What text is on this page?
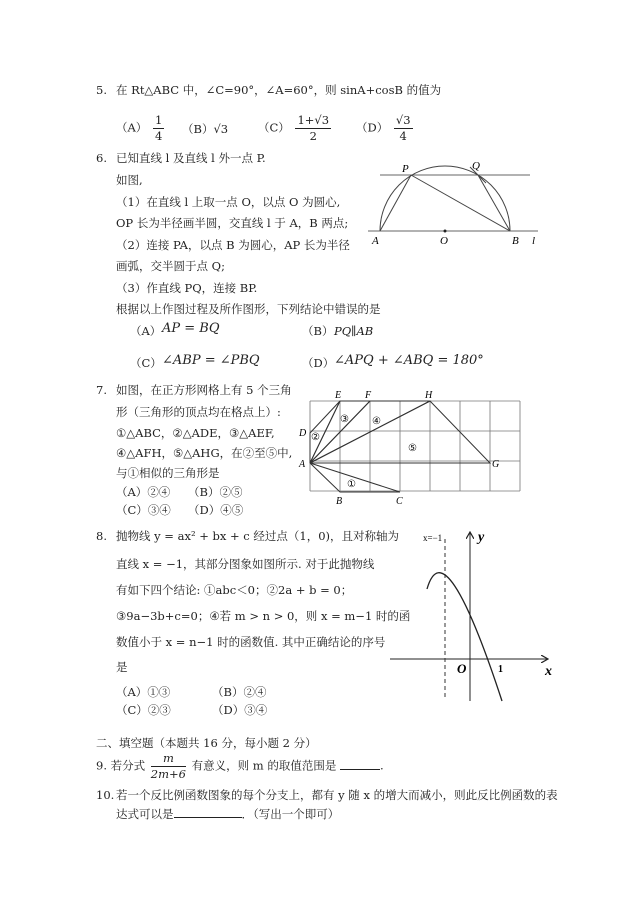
5. 在 Rt△ABC 中，∠C=90°，∠A=60°，则 sinA+cosB 的值为
$(A) \frac{1}{4} (B)√3$	$(C) \frac{1+√3}{2} (D) \frac{√3}{4}$
6. 已知直线 l 及直线 l 外一点 P.
如图,
（1）在直线 l 上取一点 O，以点 O 为圆心,
OP 长为半径画半圆，交直线 l 于 A，B 两点;
（2）连接 PA，以点 B 为圆心，AP 长为半径
画弧，交半圆于点 Q;
（3）作直线 PQ，连接 BP.
根据以上作图过程及所作图形，下列结论中错误的是
（A） AP = BQ	（B） PQ∥AB
（C） ∠ABP = ∠PBQ	（D） ∠APQ + ∠ABQ = 180°
P	Q
A	O	B l
7. 如图，在正方形网格上有 5 个三角
形（三角形的顶点均在格点上）:
①△ABC，②△ADE，③△AEF,
④△AFH，⑤△AHG，在②至⑤中,
与①相似的三角形是
（A）②④ （B）②⑤
（C）③④ （D）④⑤
E F	H
D
A	G
B	C
①
②
③ ④
⑤
8. 抛物线 y = ax² + bx + c 经过点（1，0)，且对称轴为
直线 x = −1，其部分图象如图所示. 对于此抛物线
有如下四个结论: ①abc＜0；②2a + b = 0；
③9a−3b+c=0；④若 m > n > 0，则 x = m−1 时的函
数值小于 x = n−1 时的函数值. 其中正确结论的序号
是
（A）①③	（B）②④
（C）②③	（D）③④
x=−1	y
x
O	1
二、填空题（本题共 16 分，每小题 2 分）
9. 若分式 $\frac{m}{2m+6}$ 有意义，则 m 的取值范围是	.
10. 若一个反比例函数图象的每个分支上，都有 y 随 x 的增大而减小，则此反比例函数的表
达式可以是	．（写出一个即可）
